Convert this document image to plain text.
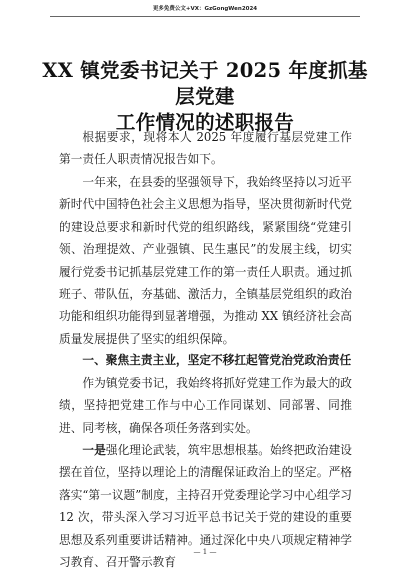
更多免费公文+VX：GzGongWen2024
XX 镇党委书记关于 2025 年度抓基层党建
工作情况的述职报告

根据要求，现将本人 2025 年度履行基层党建工作第一责任人职责情况报告如下。

一年来，在县委的坚强领导下，我始终坚持以习近平新时代中国特色社会主义思想为指导，坚决贯彻新时代党的建设总要求和新时代党的组织路线，紧紧围绕“党建引领、治理提效、产业强镇、民生惠民”的发展主线，切实履行党委书记抓基层党建工作的第一责任人职责。通过抓班子、带队伍，夯基础、激活力，全镇基层党组织的政治功能和组织功能得到显著增强，为推动 XX 镇经济社会高质量发展提供了坚实的组织保障。

一、聚焦主责主业，坚定不移扛起管党治党政治责任

作为镇党委书记，我始终将抓好党建工作为最大的政绩，坚持把党建工作与中心工作同谋划、同部署、同推进、同考核，确保各项任务落到实处。

一是强化理论武装，筑牢思想根基。始终把政治建设摆在首位，坚持以理论上的清醒保证政治上的坚定。严格落实“第一议题”制度，主持召开党委理论学习中心组学习 12 次，带头深入学习习近平总书记关于党的建设的重要思想及系列重要讲话精神。通过深化中央八项规定精神学习教育、召开警示教育

— 1 —
